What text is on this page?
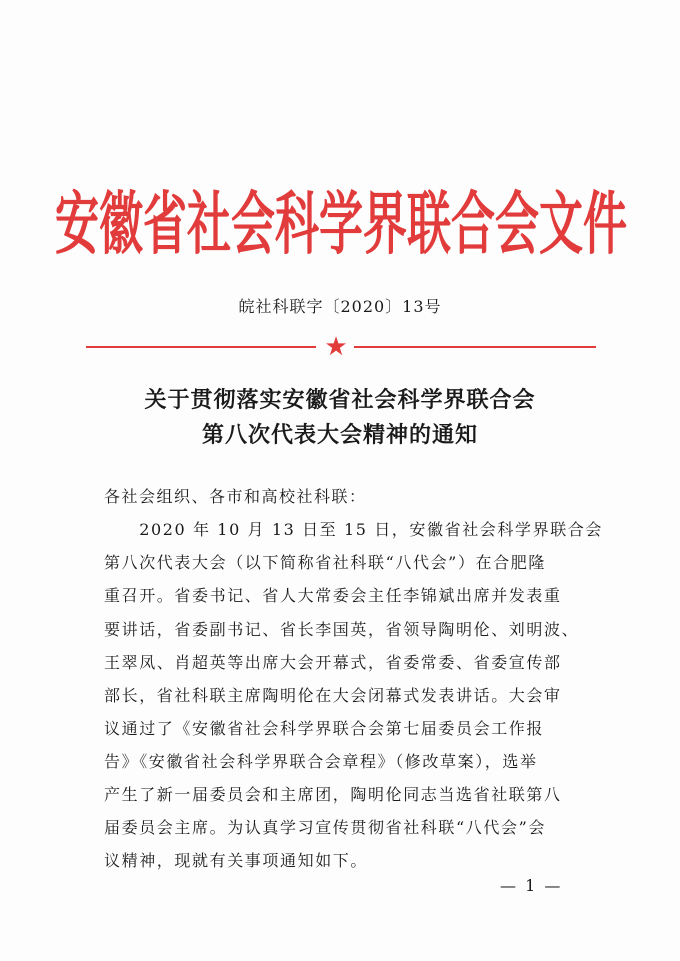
安徽省社会科学界联合会文件
皖社科联字〔2020〕13号
★
关于贯彻落实安徽省社会科学界联合会
第八次代表大会精神的通知
各社会组织、各市和高校社科联：
　　2020 年 10 月 13 日至 15 日，安徽省社会科学界联合会
第八次代表大会（以下简称省社科联“八代会”）在合肥隆
重召开。省委书记、省人大常委会主任李锦斌出席并发表重
要讲话，省委副书记、省长李国英，省领导陶明伦、刘明波、
王翠凤、肖超英等出席大会开幕式，省委常委、省委宣传部
部长，省社科联主席陶明伦在大会闭幕式发表讲话。大会审
议通过了《安徽省社会科学界联合会第七届委员会工作报
告》《安徽省社会科学界联合会章程》（修改草案），选举
产生了新一届委员会和主席团，陶明伦同志当选省社联第八
届委员会主席。为认真学习宣传贯彻省社科联“八代会”会
议精神，现就有关事项通知如下。
— 1 —
